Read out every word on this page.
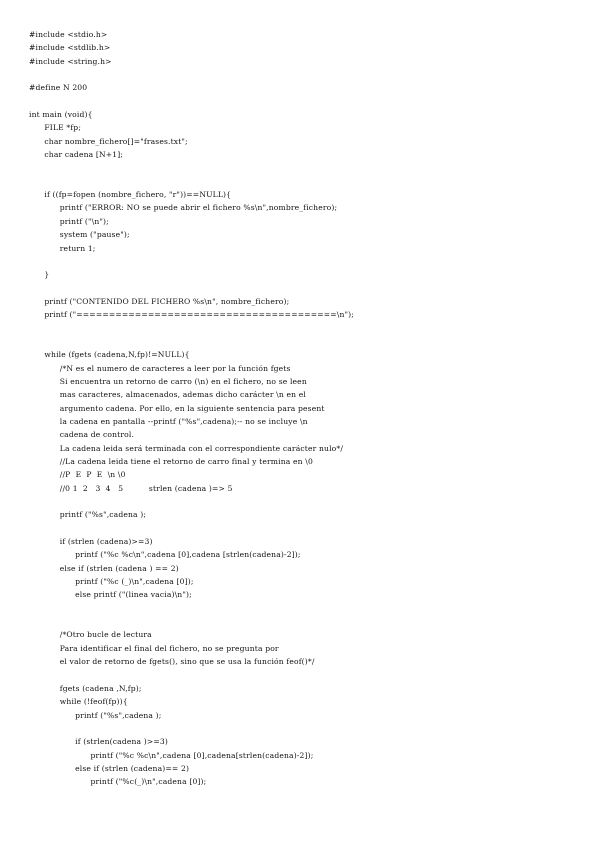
#include <stdio.h>
#include <stdlib.h>
#include <string.h>
#define N 200
int main (void){
FILE *fp;
char nombre_fichero[]="frases.txt";
char cadena [N+1];
if ((fp=fopen (nombre_fichero, "r"))==NULL){
printf ("ERROR: NO se puede abrir el fichero %s\n",nombre_fichero);
printf ("\n");
system ("pause");
return 1;
}
printf ("CONTENIDO DEL FICHERO %s\n", nombre_fichero);
printf ("========================================\n");
while (fgets (cadena,N,fp)!=NULL){
/*N es el numero de caracteres a leer por la función fgets
Si encuentra un retorno de carro (\n) en el fichero, no se leen
mas caracteres, almacenados, ademas dicho carácter \n en el
argumento cadena. Por ello, en la siguiente sentencia para pesent
la cadena en pantalla --printf ("%s",cadena);-- no se incluye \n
cadena de control.
La cadena leida será terminada con el correspondiente carácter nulo*/
//La cadena leida tiene el retorno de carro final y termina en \0
//P  E  P  E  \n \0
//0 1  2   3  4   5          strlen (cadena )=> 5
printf ("%s",cadena );
if (strlen (cadena)>=3)
printf ("%c %c\n",cadena [0],cadena [strlen(cadena)-2]);
else if (strlen (cadena ) == 2)
printf ("%c (_)\n",cadena [0]);
else printf ("(linea vacia)\n");
/*Otro bucle de lectura
Para identificar el final del fichero, no se pregunta por
el valor de retorno de fgets(), sino que se usa la función feof()*/
fgets (cadena ,N,fp);
while (!feof(fp)){
printf ("%s",cadena );
if (strlen(cadena )>=3)
printf ("%c %c\n",cadena [0],cadena[strlen(cadena)-2]);
else if (strlen (cadena)== 2)
printf ("%c(_)\n",cadena [0]);
